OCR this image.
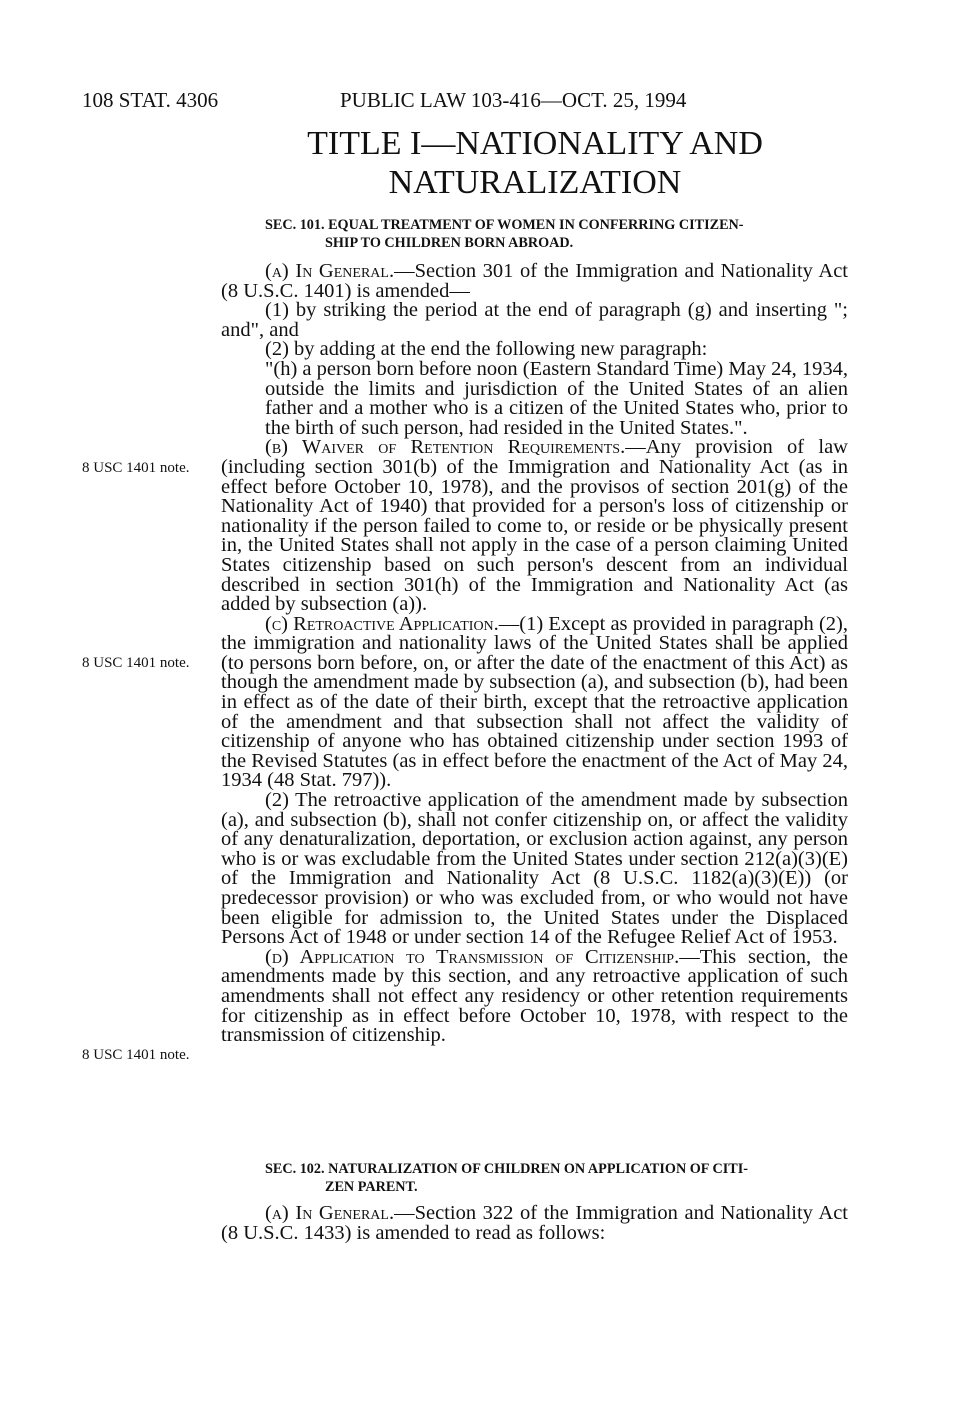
108 STAT. 4306	PUBLIC LAW 103-416—OCT. 25, 1994
TITLE I—NATIONALITY AND
NATURALIZATION
SEC. 101. EQUAL TREATMENT OF WOMEN IN CONFERRING CITIZEN-
SHIP TO CHILDREN BORN ABROAD.

(a) In General.—Section 301 of the Immigration and Nationality Act (8 U.S.C. 1401) is amended—

(1) by striking the period at the end of paragraph (g) and inserting "; and", and

(2) by adding at the end the following new paragraph:

"(h) a person born before noon (Eastern Standard Time) May 24, 1934, outside the limits and jurisdiction of the United States of an alien father and a mother who is a citizen of the United States who, prior to the birth of such person, had resided in the United States.".

(b) Waiver of Retention Requirements.—Any provision of law (including section 301(b) of the Immigration and Nationality Act (as in effect before October 10, 1978), and the provisos of section 201(g) of the Nationality Act of 1940) that provided for a person's loss of citizenship or nationality if the person failed to come to, or reside or be physically present in, the United States shall not apply in the case of a person claiming United States citizenship based on such person's descent from an individual described in section 301(h) of the Immigration and Nationality Act (as added by subsection (a)).

(c) Retroactive Application.—(1) Except as provided in paragraph (2), the immigration and nationality laws of the United States shall be applied (to persons born before, on, or after the date of the enactment of this Act) as though the amendment made by subsection (a), and subsection (b), had been in effect as of the date of their birth, except that the retroactive application of the amendment and that subsection shall not affect the validity of citizenship of anyone who has obtained citizenship under section 1993 of the Revised Statutes (as in effect before the enactment of the Act of May 24, 1934 (48 Stat. 797)).

(2) The retroactive application of the amendment made by subsection (a), and subsection (b), shall not confer citizenship on, or affect the validity of any denaturalization, deportation, or exclusion action against, any person who is or was excludable from the United States under section 212(a)(3)(E) of the Immigration and Nationality Act (8 U.S.C. 1182(a)(3)(E)) (or predecessor provision) or who was excluded from, or who would not have been eligible for admission to, the United States under the Displaced Persons Act of 1948 or under section 14 of the Refugee Relief Act of 1953.

(d) Application to Transmission of Citizenship.—This section, the amendments made by this section, and any retroactive application of such amendments shall not effect any residency or other retention requirements for citizenship as in effect before October 10, 1978, with respect to the transmission of citizenship.

8 USC 1401 note.
8 USC 1401 note.
8 USC 1401 note.
SEC. 102. NATURALIZATION OF CHILDREN ON APPLICATION OF CITI-
ZEN PARENT.

(a) In General.—Section 322 of the Immigration and Nationality Act (8 U.S.C. 1433) is amended to read as follows:
